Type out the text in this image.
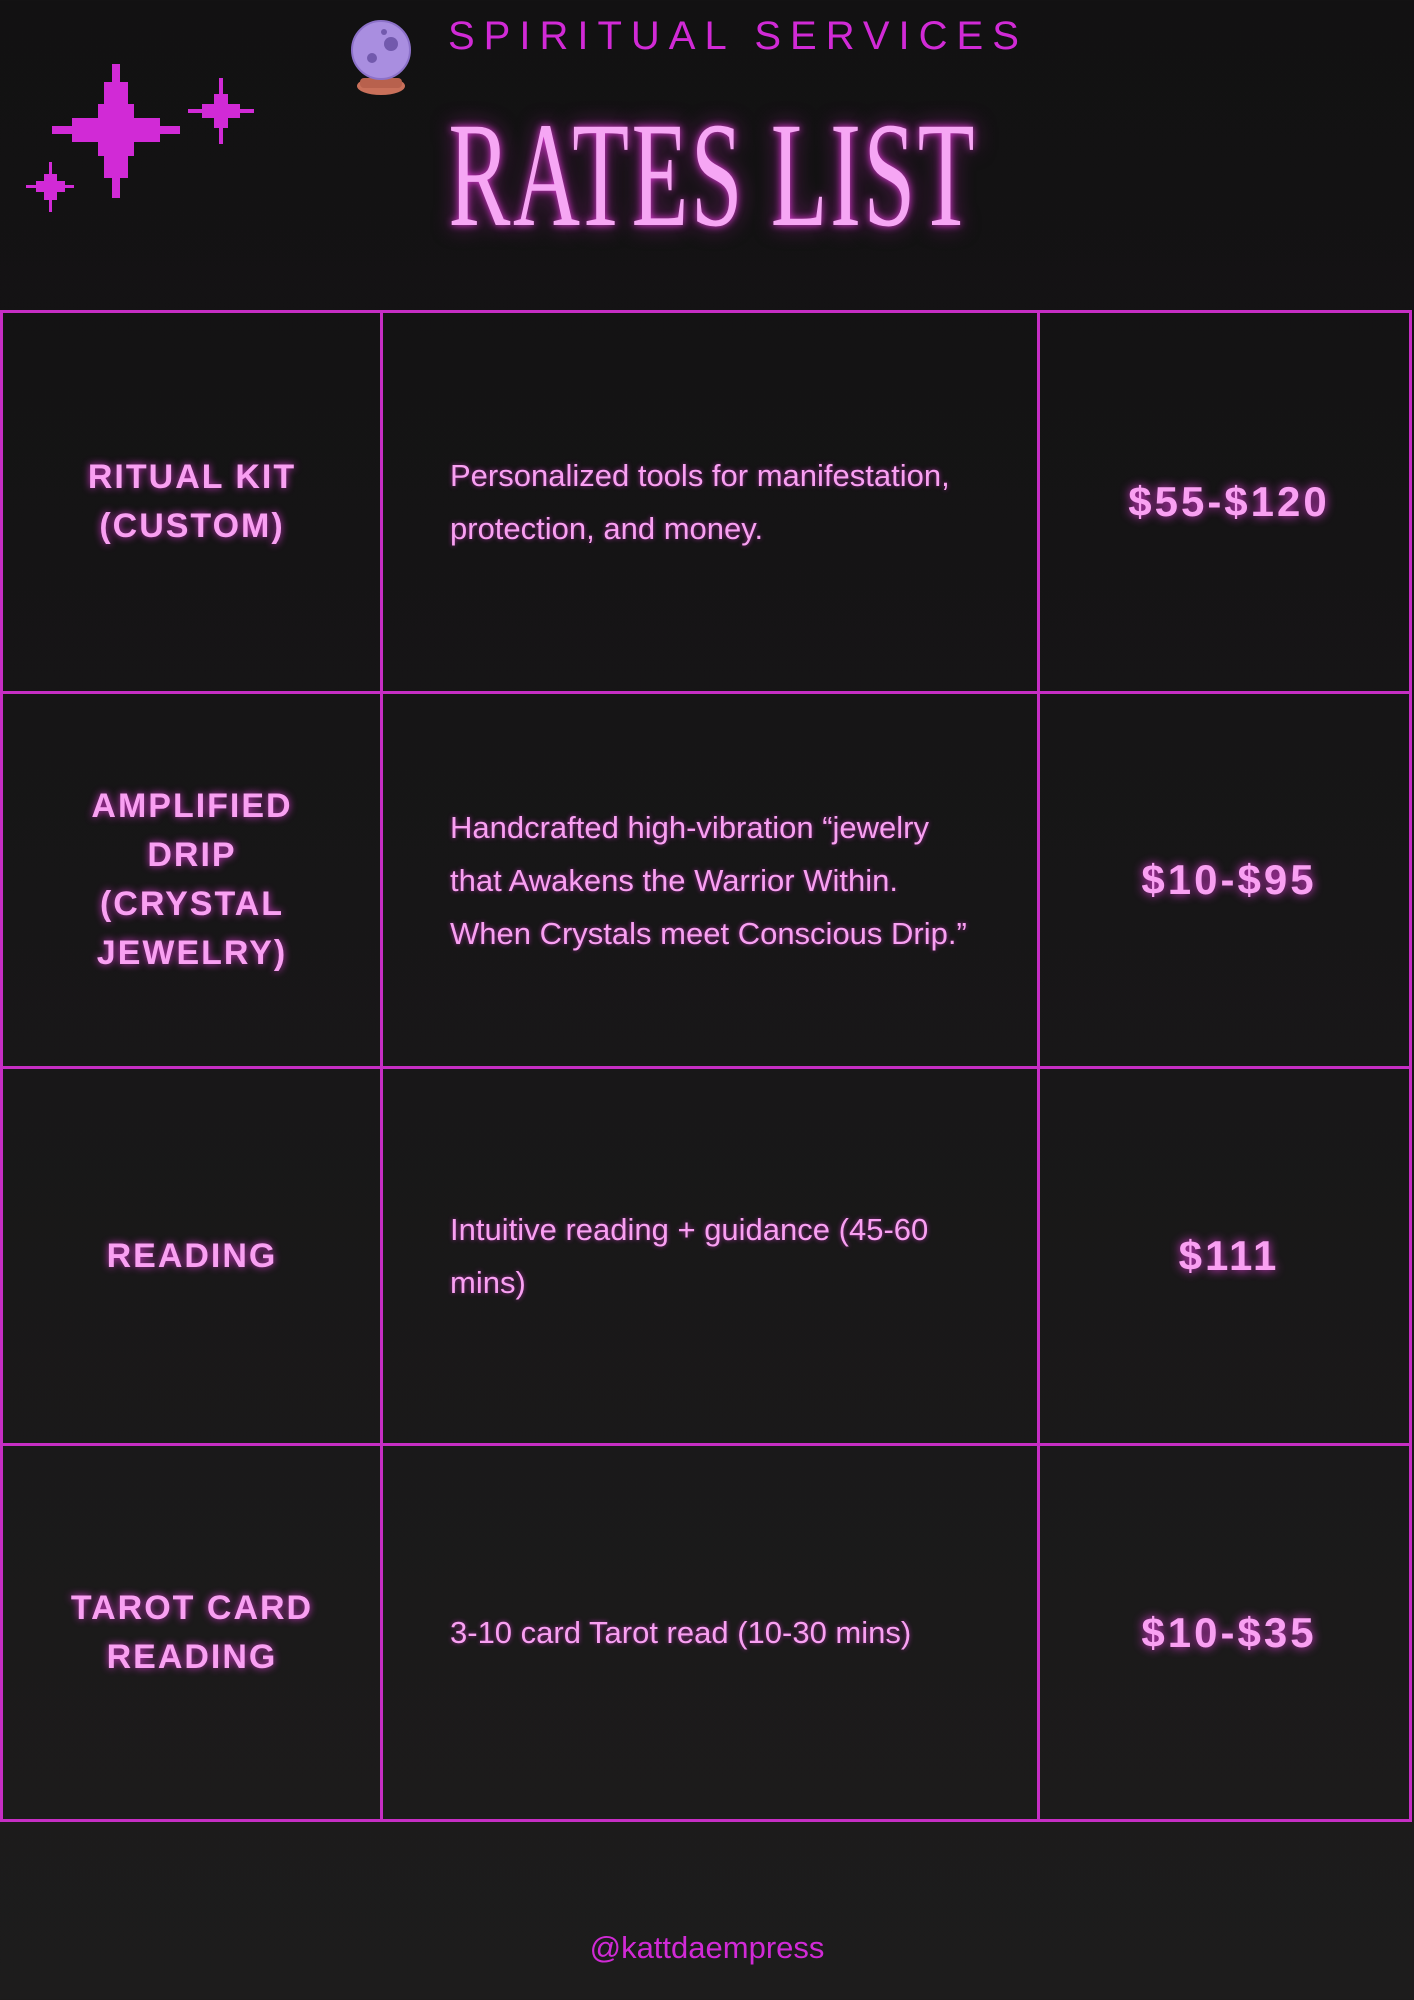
SPIRITUAL SERVICES
RATES LIST
RITUAL KIT
(CUSTOM)
Personalized tools for manifestation, protection, and money.
$55-$120
AMPLIFIED
DRIP
(CRYSTAL
JEWELRY)
Handcrafted high-vibration “jewelry that Awakens the Warrior Within. When Crystals meet Conscious Drip.”
$10-$95
READING
Intuitive reading + guidance (45-60 mins)
$111
TAROT CARD
READING
3-10 card Tarot read (10-30 mins)	$10-$35
@kattdaempress
